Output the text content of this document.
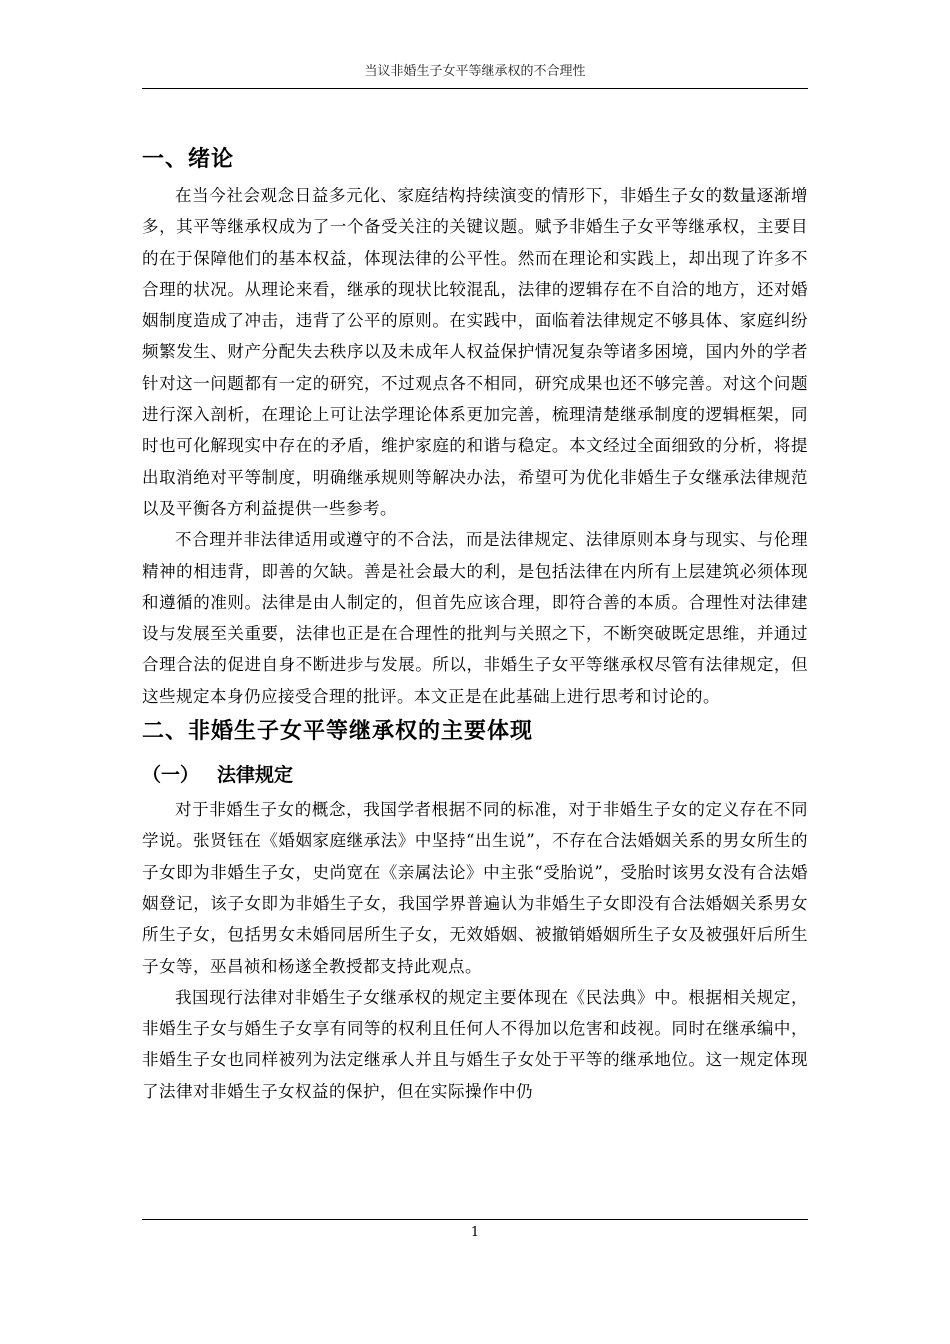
当议非婚生子女平等继承权的不合理性
一、绪论

在当今社会观念日益多元化、家庭结构持续演变的情形下，非婚生子女的数量逐渐增多，其平等继承权成为了一个备受关注的关键议题。赋予非婚生子女平等继承权，主要目的在于保障他们的基本权益，体现法律的公平性。然而在理论和实践上，却出现了许多不合理的状况。从理论来看，继承的现状比较混乱，法律的逻辑存在不自洽的地方，还对婚姻制度造成了冲击，违背了公平的原则。在实践中，面临着法律规定不够具体、家庭纠纷频繁发生、财产分配失去秩序以及未成年人权益保护情况复杂等诸多困境，国内外的学者针对这一问题都有一定的研究，不过观点各不相同，研究成果也还不够完善。对这个问题进行深入剖析，在理论上可让法学理论体系更加完善，梳理清楚继承制度的逻辑框架，同时也可化解现实中存在的矛盾，维护家庭的和谐与稳定。本文经过全面细致的分析，将提出取消绝对平等制度，明确继承规则等解决办法，希望可为优化非婚生子女继承法律规范以及平衡各方利益提供一些参考。

不合理并非法律适用或遵守的不合法，而是法律规定、法律原则本身与现实、与伦理精神的相违背，即善的欠缺。善是社会最大的利，是包括法律在内所有上层建筑必须体现和遵循的准则。法律是由人制定的，但首先应该合理，即符合善的本质。合理性对法律建设与发展至关重要，法律也正是在合理性的批判与关照之下，不断突破既定思维，并通过合理合法的促进自身不断进步与发展。所以，非婚生子女平等继承权尽管有法律规定，但这些规定本身仍应接受合理的批评。本文正是在此基础上进行思考和讨论的。

二、非婚生子女平等继承权的主要体现
（一） 法律规定

对于非婚生子女的概念，我国学者根据不同的标准，对于非婚生子女的定义存在不同学说。张贤钰在《婚姻家庭继承法》中坚持“出生说”，不存在合法婚姻关系的男女所生的子女即为非婚生子女，史尚宽在《亲属法论》中主张“受胎说”，受胎时该男女没有合法婚姻登记，该子女即为非婚生子女，我国学界普遍认为非婚生子女即没有合法婚姻关系男女所生子女，包括男女未婚同居所生子女，无效婚姻、被撤销婚姻所生子女及被强奸后所生子女等，巫昌祯和杨遂全教授都支持此观点。

我国现行法律对非婚生子女继承权的规定主要体现在《民法典》中。根据相关规定，非婚生子女与婚生子女享有同等的权利且任何人不得加以危害和歧视。同时在继承编中，非婚生子女也同样被列为法定继承人并且与婚生子女处于平等的继承地位。这一规定体现了法律对非婚生子女权益的保护，但在实际操作中仍

1
